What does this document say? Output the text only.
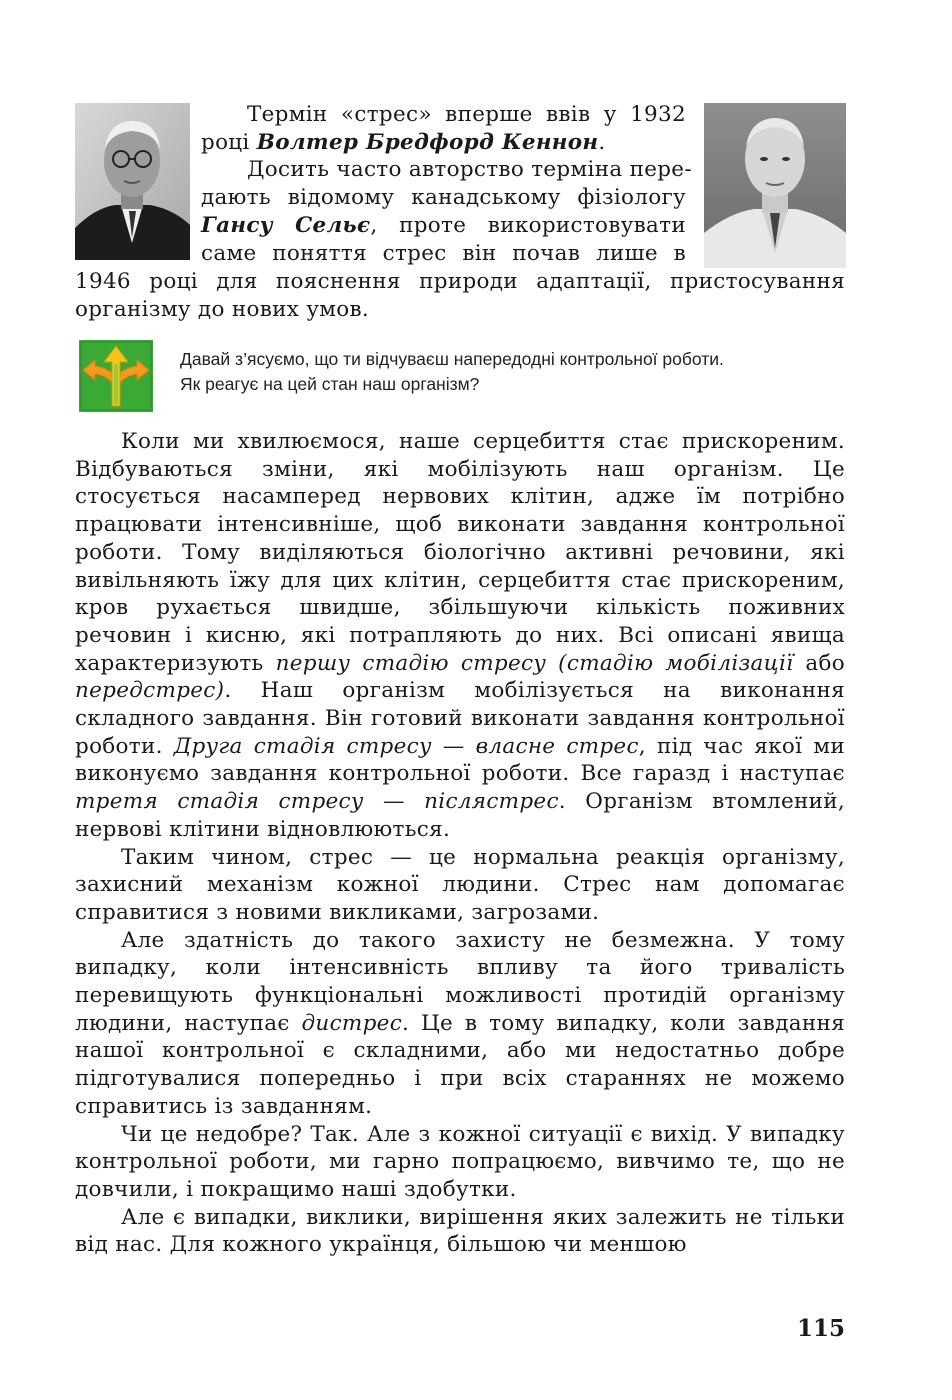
Термін «стрес» вперше ввів у 1932
році Волтер Бредфорд Кеннон.
Досить часто авторство терміна пере-
дають відомому канадському фізіологу
Гансу Сельє, проте використовувати
саме поняття стрес він почав лише в
1946 році для пояснення природи адаптації, пристосування
організму до нових умов.
Давай з’ясуємо, що ти відчуваєш напередодні контрольної роботи.
Як реагує на цей стан наш організм?

Коли ми хвилюємося, наше серцебиття стає прискореним. Відбуваються зміни, які мобілізують наш організм. Це стосується насамперед нервових клітин, адже їм потрібно працювати інтенсивніше, щоб виконати завдання контрольної роботи. Тому виділяються біологічно активні речовини, які вивільняють їжу для цих клітин, серцебиття стає прискореним, кров рухається швидше, збільшуючи кількість поживних речовин і кисню, які потрапляють до них. Всі описані явища характеризують першу стадію стресу (стадію мобілізації або передстрес). Наш організм мобілізується на виконання складного завдання. Він готовий виконати завдання контрольної роботи. Друга стадія стресу — власне стрес, під час якої ми виконуємо завдання контрольної роботи. Все гаразд і наступає третя стадія стресу — післястрес. Організм втомлений, нервові клітини відновлюються.

Таким чином, стрес — це нормальна реакція організму, захисний механізм кожної людини. Стрес нам допомагає справитися з новими викликами, загрозами.

Але здатність до такого захисту не безмежна. У тому випадку, коли інтенсивність впливу та його тривалість перевищують функціональні можливості протидій організму людини, наступає дистрес. Це в тому випадку, коли завдання нашої контрольної є складними, або ми недостатньо добре підготувалися попередньо і при всіх стараннях не можемо справитись із завданням.

Чи це недобре? Так. Але з кожної ситуації є вихід. У випадку контрольної роботи, ми гарно попрацюємо, вивчимо те, що не довчили, і покращимо наші здобутки.

Але є випадки, виклики, вирішення яких залежить не тільки від нас. Для кожного українця, більшою чи меншою

115
